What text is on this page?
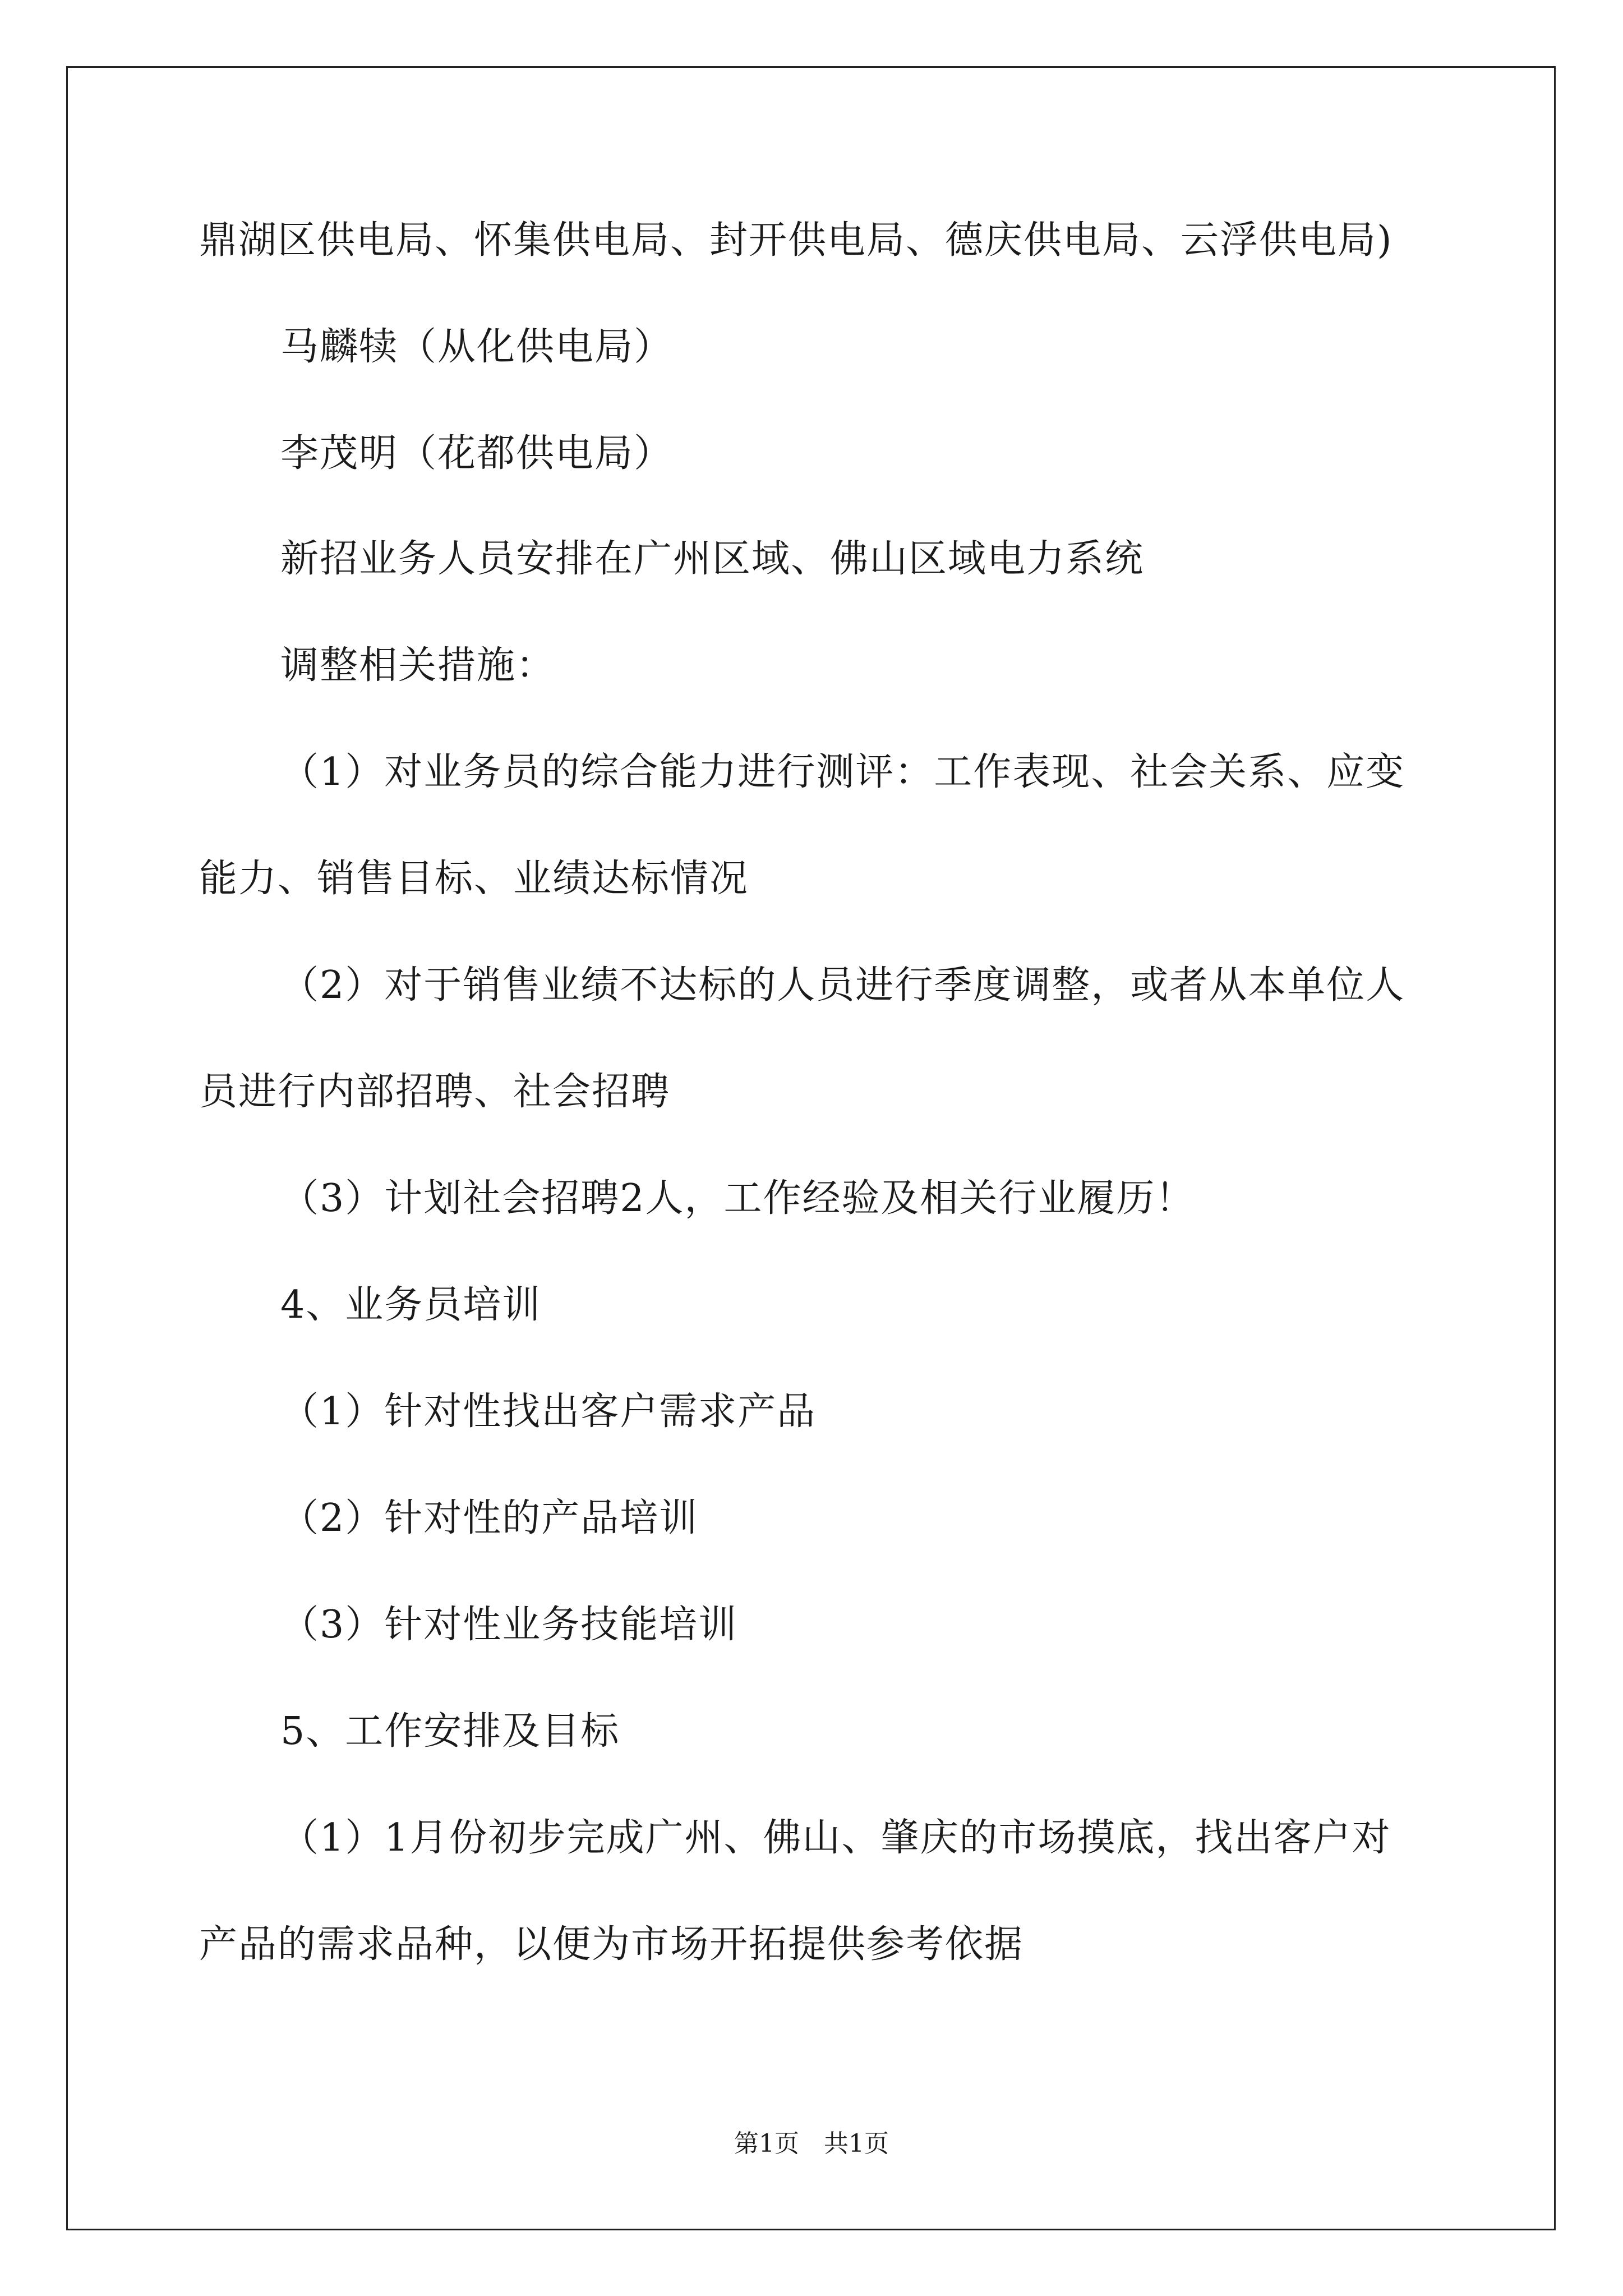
鼎湖区供电局、怀集供电局、封开供电局、德庆供电局、云浮供电局)
马麟犊（从化供电局）
李茂明（花都供电局）
新招业务人员安排在广州区域、佛山区域电力系统
调整相关措施：
（1）对业务员的综合能力进行测评：工作表现、社会关系、应变
能力、销售目标、业绩达标情况
（2）对于销售业绩不达标的人员进行季度调整，或者从本单位人
员进行内部招聘、社会招聘
（3）计划社会招聘2人，工作经验及相关行业履历！
4、业务员培训
（1）针对性找出客户需求产品
（2）针对性的产品培训
（3）针对性业务技能培训
5、工作安排及目标
（1）1月份初步完成广州、佛山、肇庆的市场摸底，找出客户对
产品的需求品种，以便为市场开拓提供参考依据
第1页　共1页
